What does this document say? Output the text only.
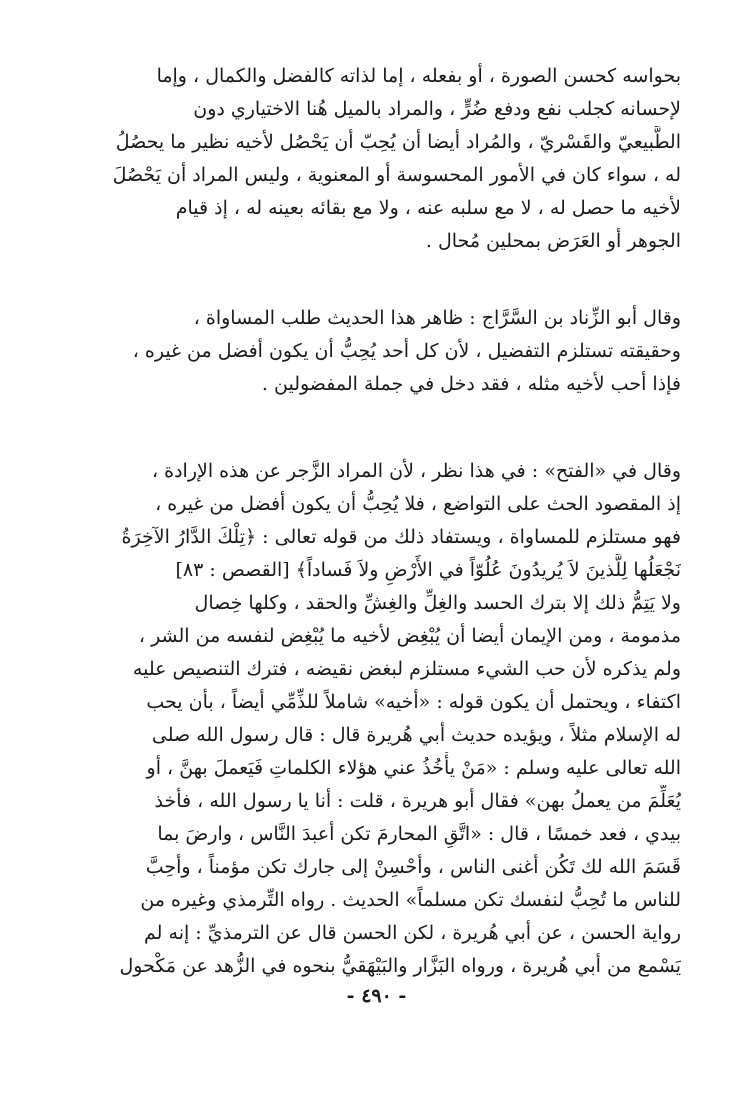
بحواسه كحسن الصورة ، أو بفعله ، إما لذاته كالفضل والكمال ، وإما
لإحسانه كجلب نفع ودفع ضُرٍّ ، والمراد بالميل هُنا الاختياري دون
الطَّبيعيّ والقَسْريّ ، والمُراد أيضا أن يُحِبّ أن يَحْصُل لأخيه نظير ما يحصُلُ
له ، سواء كان في الأمور المحسوسة أو المعنوية ، وليس المراد أن يَحْصُلَ
لأخيه ما حصل له ، لا مع سلبه عنه ، ولا مع بقائه بعينه له ، إذ قيام
الجوهر أو العَرَض بمحلين مُحال .
وقال أبو الزِّناد بن السَّرَّاج : ظاهر هذا الحديث طلب المساواة ،
وحقيقته تستلزم التفضيل ، لأن كل أحد يُحِبُّ أن يكون أفضل من غيره ،
فإذا أحب لأخيه مثله ، فقد دخل في جملة المفضولين .
وقال في «الفتح» : في هذا نظر ، لأن المراد الزَّجر عن هذه الإرادة ،
إذ المقصود الحث على التواضع ، فلا يُحِبُّ أن يكون أفضل من غيره ،
فهو مستلزم للمساواة ، ويستفاد ذلك من قوله تعالى : ﴿تِلْكَ الدَّارُ الآخِرَةُ
نَجْعَلُها لِلَّذينَ لاَ يُريدُونَ عُلُوّاً في الأَرْضِ ولاَ فَساداً﴾ [القصص : ٨٣]
ولا يَتِمُّ ذلك إلا بترك الحسد والغِلِّ والغِشِّ والحقد ، وكلها خِصال
مذمومة ، ومن الإيمان أيضا أن يُبْغِض لأخيه ما يُبْغِض لنفسه من الشر ،
ولم يذكره لأن حب الشيء مستلزم لبغض نقيضه ، فترك التنصيص عليه
اكتفاء ، ويحتمل أن يكون قوله : «أخيه» شاملاً للذِّمِّي أيضاً ، بأن يحب
له الإسلام مثلاً ، ويؤيده حديث أبي هُريرة قال : قال رسول الله صلى
الله تعالى عليه وسلم : «مَنْ يأْخُذُ عني هؤلاء الكلماتِ فَيَعملَ بهنَّ ، أو
يُعَلِّمَ من يعملُ بهن» فقال أبو هريرة ، قلت : أنا يا رسول الله ، فأخذ
بيدي ، فعد خمسًا ، قال : «اتَّقِ المحارمَ تكن أعبدَ النَّاس ، وارضَ بما
قَسَمَ الله لك تَكُن أغنى الناس ، وأحْسِنْ إلى جارك تكن مؤمناً ، وأحِبَّ
للناس ما تُحِبُّ لنفسك تكن مسلماً» الحديث . رواه التِّرمذي وغيره من
رواية الحسن ، عن أبي هُريرة ، لكن الحسن قال عن الترمذيِّ : إنه لم
يَسْمع من أبي هُريرة ، ورواه البَزَّار والبَيْهَقيُّ بنحوه في الزُّهد عن مَكْحول
- ٤٩٠ -
